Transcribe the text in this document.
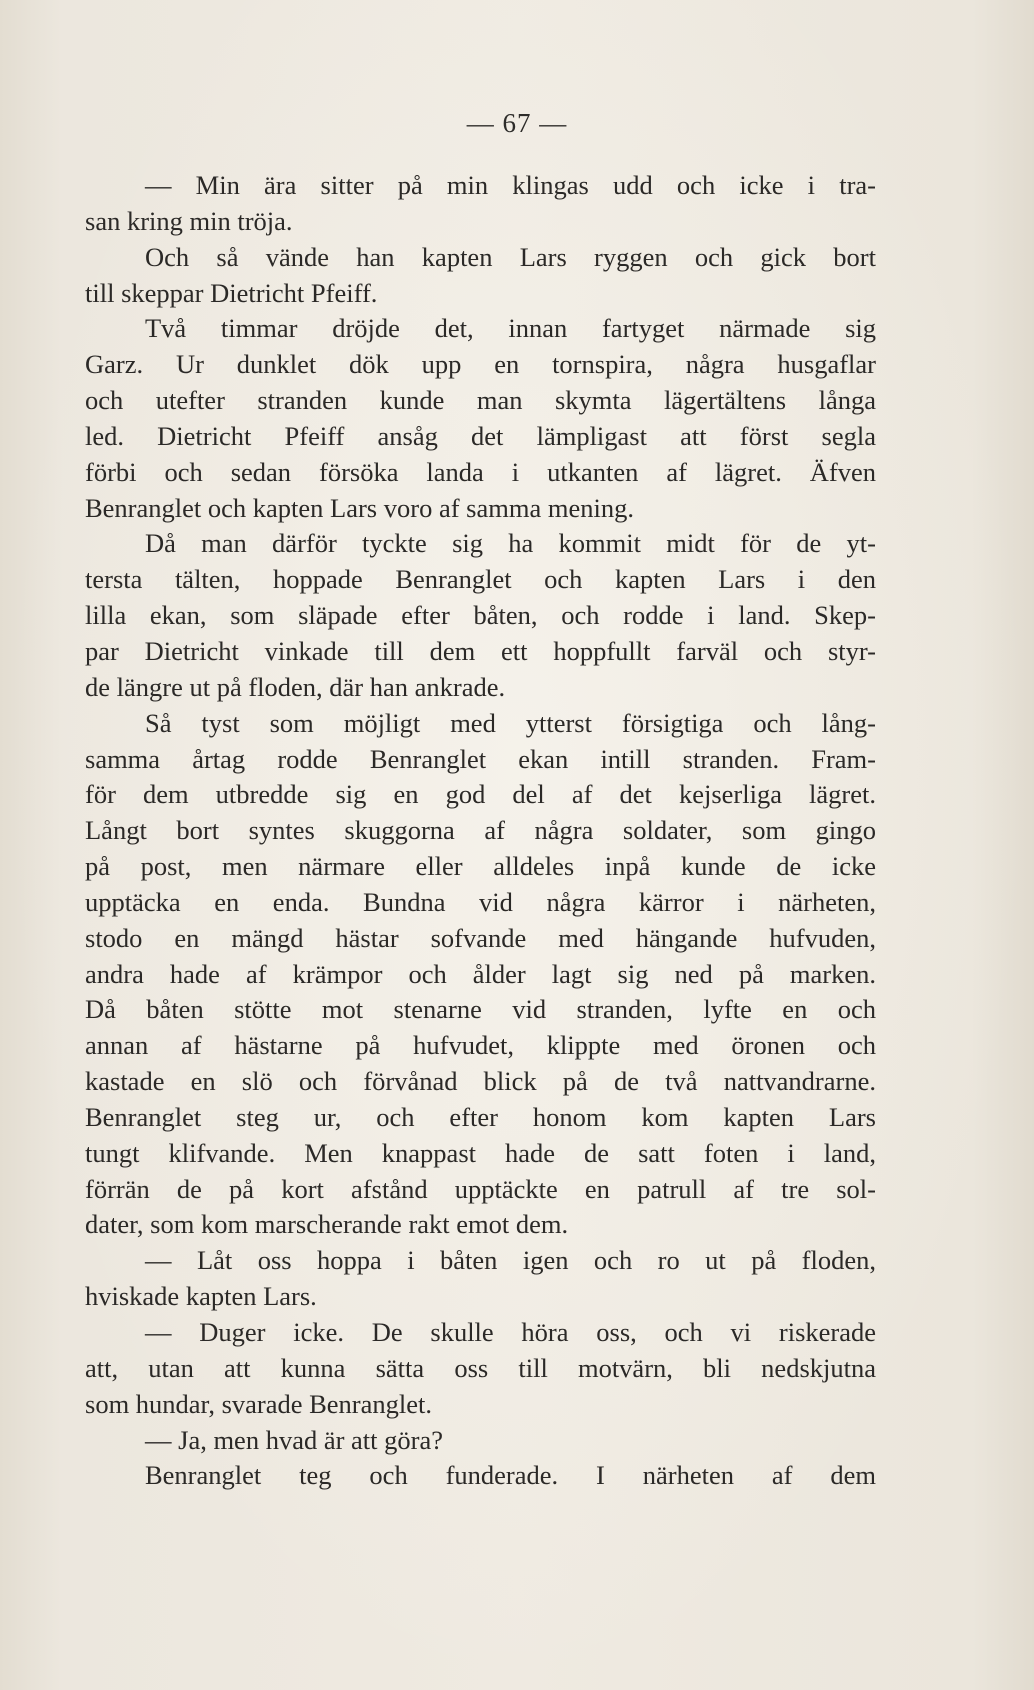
— 67 —
— Min ära sitter på min klingas udd och icke i tra-
san kring min tröja.
Och så vände han kapten Lars ryggen och gick bort
till skeppar Dietricht Pfeiff.
Två timmar dröjde det, innan fartyget närmade sig
Garz. Ur dunklet dök upp en tornspira, några husgaflar
och utefter stranden kunde man skymta lägertältens långa
led. Dietricht Pfeiff ansåg det lämpligast att först segla
förbi och sedan försöka landa i utkanten af lägret. Äfven
Benranglet och kapten Lars voro af samma mening.
Då man därför tyckte sig ha kommit midt för de yt-
tersta tälten, hoppade Benranglet och kapten Lars i den
lilla ekan, som släpade efter båten, och rodde i land. Skep-
par Dietricht vinkade till dem ett hoppfullt farväl och styr-
de längre ut på floden, där han ankrade.
Så tyst som möjligt med ytterst försigtiga och lång-
samma årtag rodde Benranglet ekan intill stranden. Fram-
för dem utbredde sig en god del af det kejserliga lägret.
Långt bort syntes skuggorna af några soldater, som gingo
på post, men närmare eller alldeles inpå kunde de icke
upptäcka en enda. Bundna vid några kärror i närheten,
stodo en mängd hästar sofvande med hängande hufvuden,
andra hade af krämpor och ålder lagt sig ned på marken.
Då båten stötte mot stenarne vid stranden, lyfte en och
annan af hästarne på hufvudet, klippte med öronen och
kastade en slö och förvånad blick på de två nattvandrarne.
Benranglet steg ur, och efter honom kom kapten Lars
tungt klifvande. Men knappast hade de satt foten i land,
förrän de på kort afstånd upptäckte en patrull af tre sol-
dater, som kom marscherande rakt emot dem.
— Låt oss hoppa i båten igen och ro ut på floden,
hviskade kapten Lars.
— Duger icke. De skulle höra oss, och vi riskerade
att, utan att kunna sätta oss till motvärn, bli nedskjutna
som hundar, svarade Benranglet.
— Ja, men hvad är att göra?
Benranglet teg och funderade. I närheten af dem
